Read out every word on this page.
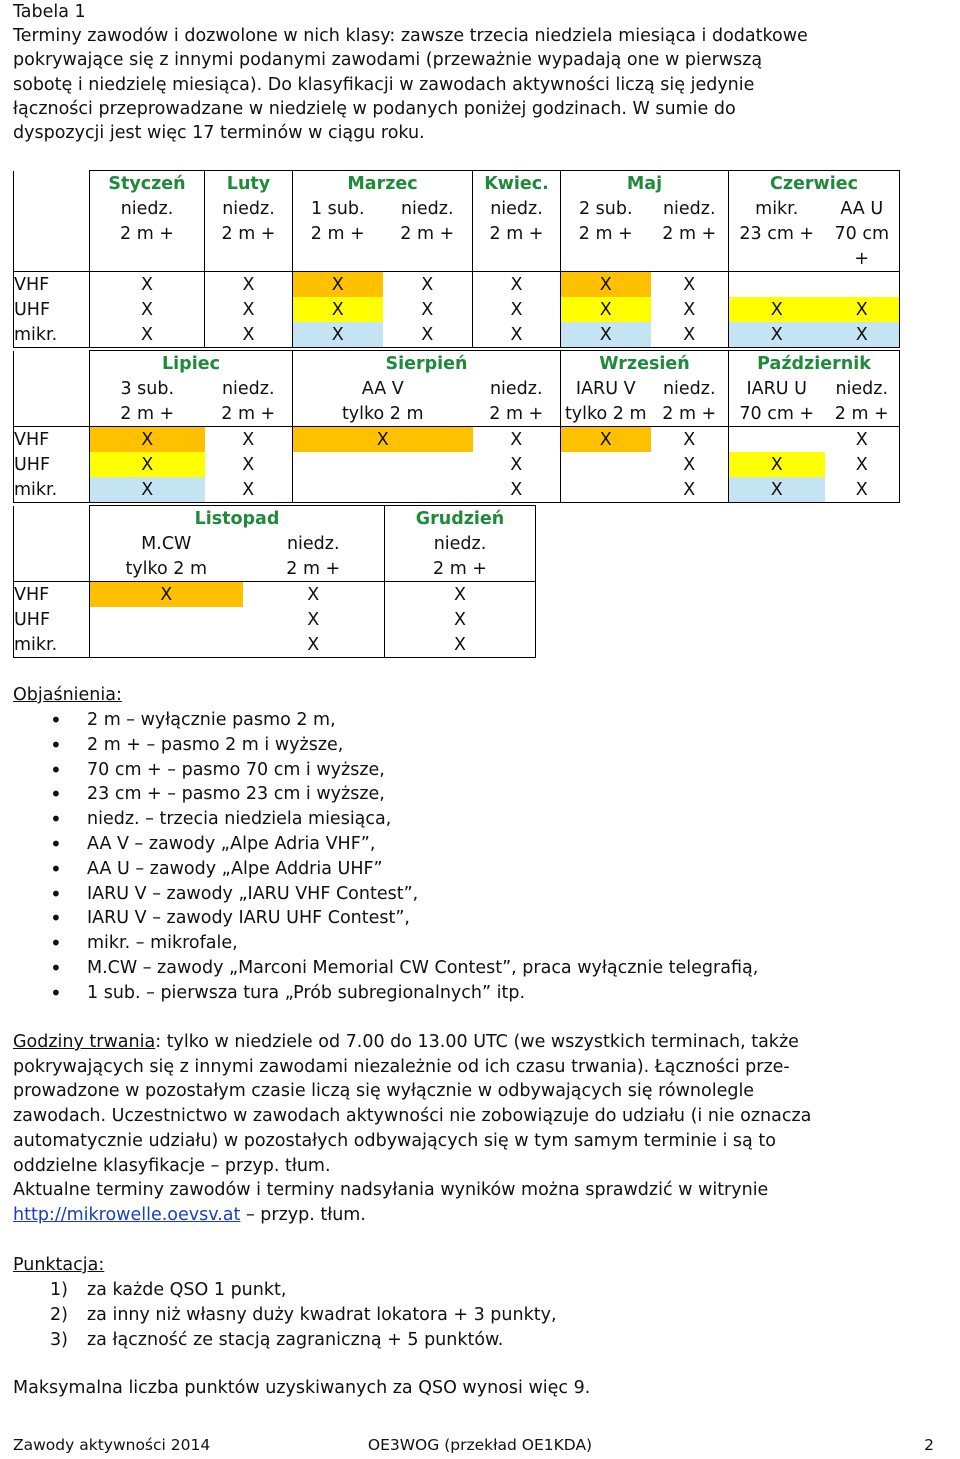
Tabela 1
Terminy zawodów i dozwolone w nich klasy: zawsze trzecia niedziela miesiąca i dodatkowe
pokrywające się z innymi podanymi zawodami (przeważnie wypadają one w pierwszą
sobotę i niedzielę miesiąca). Do klasyfikacji w zawodach aktywności liczą się jedynie
łączności przeprowadzane w niedzielę w podanych poniżej godzinach. W sumie do
dyspozycji jest więc 17 terminów w ciągu roku.
	Styczeń	Luty	Marzec		Kwiec.	Maj		Czerwiec	
	niedz.	niedz.	1 sub.	niedz.	niedz.	2 sub.	niedz.	mikr.	AA U
	2 m +	2 m +	2 m +	2 m +	2 m +	2 m +	2 m +	23 cm +	70 cm
									+
VHF	X	X	X	X	X	X	X		
UHF	X	X	X	X	X	X	X	X	X
mikr.	X	X	X	X	X	X	X	X	X
	Lipiec		Sierpień		Wrzesień		Październik	
	3 sub.	niedz.	AA V	niedz.	IARU V	niedz.	IARU U	niedz.
	2 m +	2 m +	tylko 2 m	2 m +	tylko 2 m	2 m +	70 cm +	2 m +
VHF	X	X	X	X	X	X		X
UHF	X	X		X		X	X	X
mikr.	X	X		X		X	X	X
	Listopad		Grudzień
	M.CW	niedz.	niedz.
	tylko 2 m	2 m +	2 m +
VHF	X	X	X
UHF		X	X
mikr.		X	X
Objaśnienia:
• 2 m – wyłącznie pasmo 2 m,
• 2 m + – pasmo 2 m i wyższe,
• 70 cm + – pasmo 70 cm i wyższe,
• 23 cm + – pasmo 23 cm i wyższe,
• niedz. – trzecia niedziela miesiąca,
• AA V – zawody „Alpe Adria VHF”,
• AA U – zawody „Alpe Addria UHF”
• IARU V – zawody „IARU VHF Contest”,
• IARU V – zawody IARU UHF Contest”,
• mikr. – mikrofale,
• M.CW – zawody „Marconi Memorial CW Contest”, praca wyłącznie telegrafią,
• 1 sub. – pierwsza tura „Prób subregionalnych” itp.
Godziny trwania: tylko w niedziele od 7.00 do 13.00 UTC (we wszystkich terminach, także
pokrywających się z innymi zawodami niezależnie od ich czasu trwania). Łączności prze-
prowadzone w pozostałym czasie liczą się wyłącznie w odbywających się równolegle
zawodach. Uczestnictwo w zawodach aktywności nie zobowiązuje do udziału (i nie oznacza
automatycznie udziału) w pozostałych odbywających się w tym samym terminie i są to
oddzielne klasyfikacje – przyp. tłum.
Aktualne terminy zawodów i terminy nadsyłania wyników można sprawdzić w witrynie
http://mikrowelle.oevsv.at – przyp. tłum.
Punktacja:
1) za każde QSO 1 punkt,
2) za inny niż własny duży kwadrat lokatora + 3 punkty,
3) za łączność ze stacją zagraniczną + 5 punktów.
Maksymalna liczba punktów uzyskiwanych za QSO wynosi więc 9.
Zawody aktywności 2014	OE3WOG (przekład OE1KDA)	2
